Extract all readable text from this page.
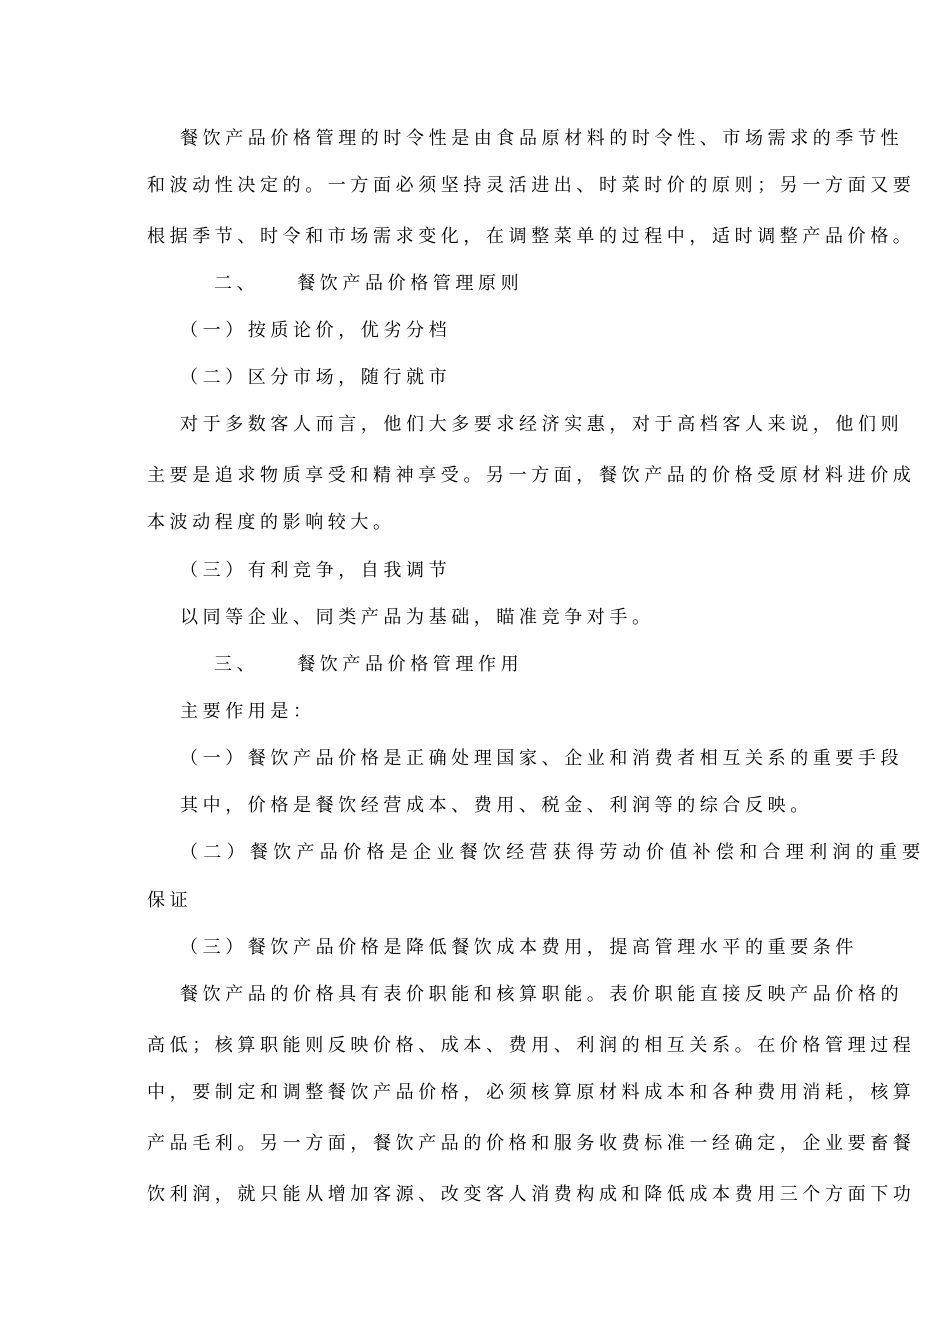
餐饮产品价格管理的时令性是由食品原材料的时令性、市场需求的季节性
和波动性决定的。一方面必须坚持灵活进出、时菜时价的原则；另一方面又要
根据季节、时令和市场需求变化，在调整菜单的过程中，适时调整产品价格。
二、 餐饮产品价格管理原则
（一）按质论价，优劣分档
（二）区分市场，随行就市
对于多数客人而言，他们大多要求经济实惠，对于高档客人来说，他们则
主要是追求物质享受和精神享受。另一方面，餐饮产品的价格受原材料进价成
本波动程度的影响较大。
（三）有利竞争，自我调节
以同等企业、同类产品为基础，瞄准竞争对手。
三、 餐饮产品价格管理作用
主要作用是：
（一）餐饮产品价格是正确处理国家、企业和消费者相互关系的重要手段
其中，价格是餐饮经营成本、费用、税金、利润等的综合反映。
（二）餐饮产品价格是企业餐饮经营获得劳动价值补偿和合理利润的重要
保证
（三）餐饮产品价格是降低餐饮成本费用，提高管理水平的重要条件
餐饮产品的价格具有表价职能和核算职能。表价职能直接反映产品价格的
高低；核算职能则反映价格、成本、费用、利润的相互关系。在价格管理过程
中，要制定和调整餐饮产品价格，必须核算原材料成本和各种费用消耗，核算
产品毛利。另一方面，餐饮产品的价格和服务收费标准一经确定，企业要畜餐
饮利润，就只能从增加客源、改变客人消费构成和降低成本费用三个方面下功
